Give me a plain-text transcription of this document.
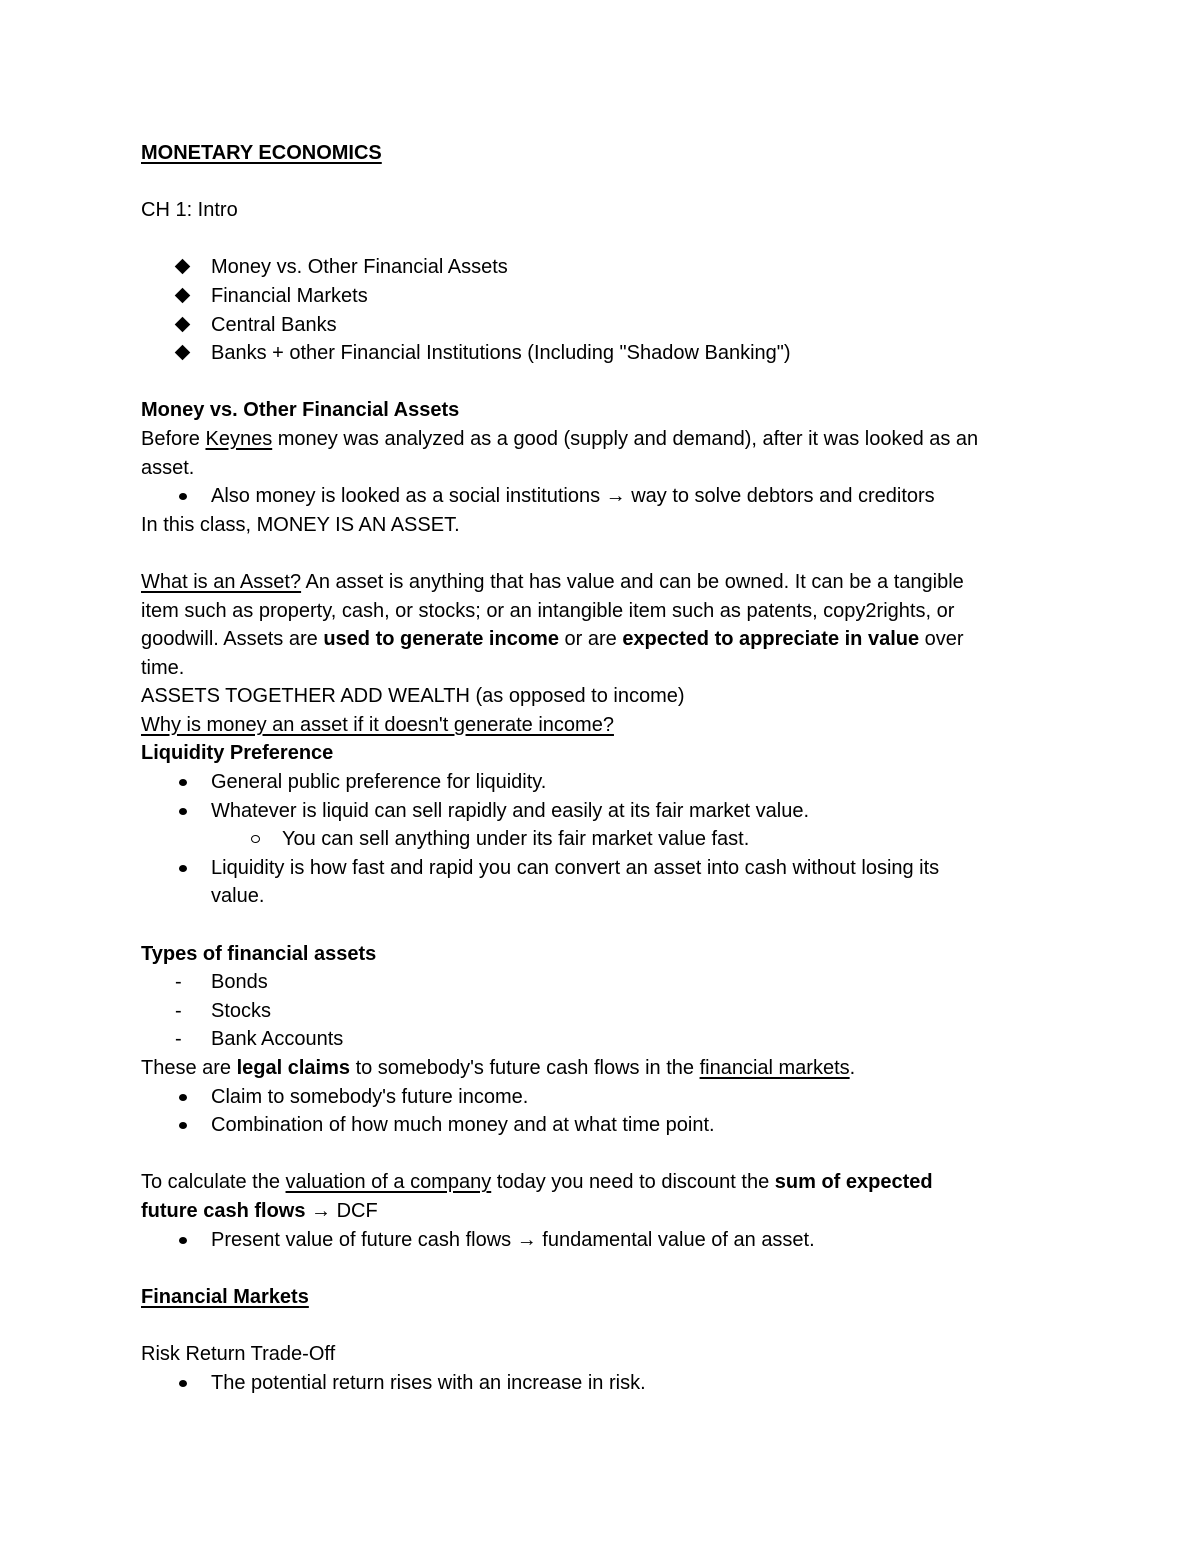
MONETARY ECONOMICS
CH 1: Intro
Money vs. Other Financial Assets
Financial Markets
Central Banks
Banks + other Financial Institutions (Including "Shadow Banking")
Money vs. Other Financial Assets
Before Keynes money was analyzed as a good (supply and demand), after it was looked as an
asset.
Also money is looked as a social institutions → way to solve debtors and creditors
In this class, MONEY IS AN ASSET.
What is an Asset? An asset is anything that has value and can be owned. It can be a tangible
item such as property, cash, or stocks; or an intangible item such as patents, copy2rights, or
goodwill. Assets are used to generate income or are expected to appreciate in value over
time.
ASSETS TOGETHER ADD WEALTH (as opposed to income)
Why is money an asset if it doesn't generate income?
Liquidity Preference
General public preference for liquidity.
Whatever is liquid can sell rapidly and easily at its fair market value.
You can sell anything under its fair market value fast.
Liquidity is how fast and rapid you can convert an asset into cash without losing its
value.
Types of financial assets
- Bonds
- Stocks
- Bank Accounts
These are legal claims to somebody's future cash flows in the financial markets.
Claim to somebody's future income.
Combination of how much money and at what time point.
To calculate the valuation of a company today you need to discount the sum of expected
future cash flows → DCF
Present value of future cash flows → fundamental value of an asset.
Financial Markets
Risk Return Trade-Off
The potential return rises with an increase in risk.
